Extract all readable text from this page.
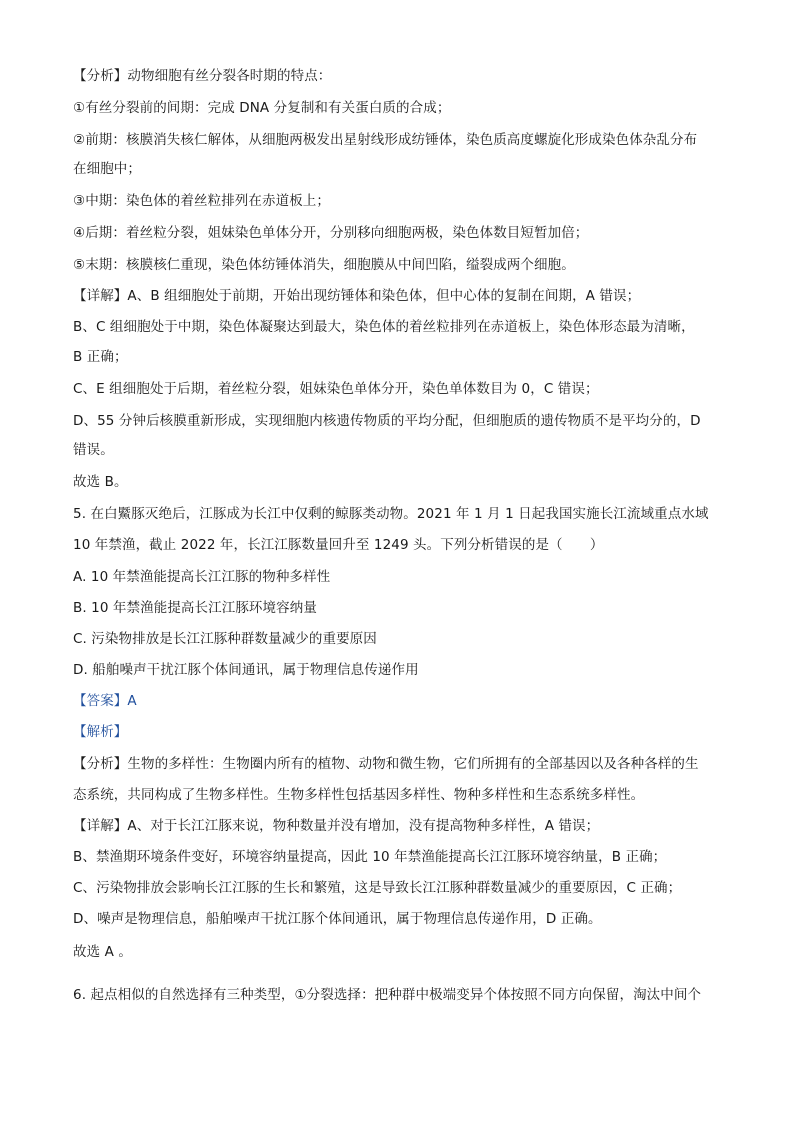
【分析】动物细胞有丝分裂各时期的特点：
①有丝分裂前的间期：完成 DNA 分复制和有关蛋白质的合成；
②前期：核膜消失核仁解体，从细胞两极发出星射线形成纺锤体，染色质高度螺旋化形成染色体杂乱分布
在细胞中；
③中期：染色体的着丝粒排列在赤道板上；
④后期：着丝粒分裂，姐妹染色单体分开，分别移向细胞两极，染色体数目短暂加倍；
⑤末期：核膜核仁重现，染色体纺锤体消失，细胞膜从中间凹陷，缢裂成两个细胞。
【详解】A、B 组细胞处于前期，开始出现纺锤体和染色体，但中心体的复制在间期，A 错误；
B、C 组细胞处于中期，染色体凝聚达到最大，染色体的着丝粒排列在赤道板上，染色体形态最为清晰，
B 正确；
C、E 组细胞处于后期，着丝粒分裂，姐妹染色单体分开，染色单体数目为 0，C 错误；
D、55 分钟后核膜重新形成，实现细胞内核遗传物质的平均分配，但细胞质的遗传物质不是平均分的，D
错误。
故选 B。
5. 在白鱀豚灭绝后，江豚成为长江中仅剩的鲸豚类动物。2021 年 1 月 1 日起我国实施长江流域重点水域
10 年禁渔，截止 2022 年，长江江豚数量回升至 1249 头。下列分析错误的是（　　）
A. 10 年禁渔能提高长江江豚的物种多样性
B. 10 年禁渔能提高长江江豚环境容纳量
C. 污染物排放是长江江豚种群数量减少的重要原因
D. 船舶噪声干扰江豚个体间通讯，属于物理信息传递作用
【答案】A
【解析】
【分析】生物的多样性：生物圈内所有的植物、动物和微生物，它们所拥有的全部基因以及各种各样的生
态系统，共同构成了生物多样性。生物多样性包括基因多样性、物种多样性和生态系统多样性。
【详解】A、对于长江江豚来说，物种数量并没有增加，没有提高物种多样性，A 错误；
B、禁渔期环境条件变好，环境容纳量提高，因此 10 年禁渔能提高长江江豚环境容纳量，B 正确；
C、污染物排放会影响长江江豚的生长和繁殖，这是导致长江江豚种群数量减少的重要原因，C 正确；
D、噪声是物理信息，船舶噪声干扰江豚个体间通讯，属于物理信息传递作用，D 正确。
故选 A 。
6. 起点相似的自然选择有三种类型，①分裂选择：把种群中极端变异个体按照不同方向保留，淘汰中间个
